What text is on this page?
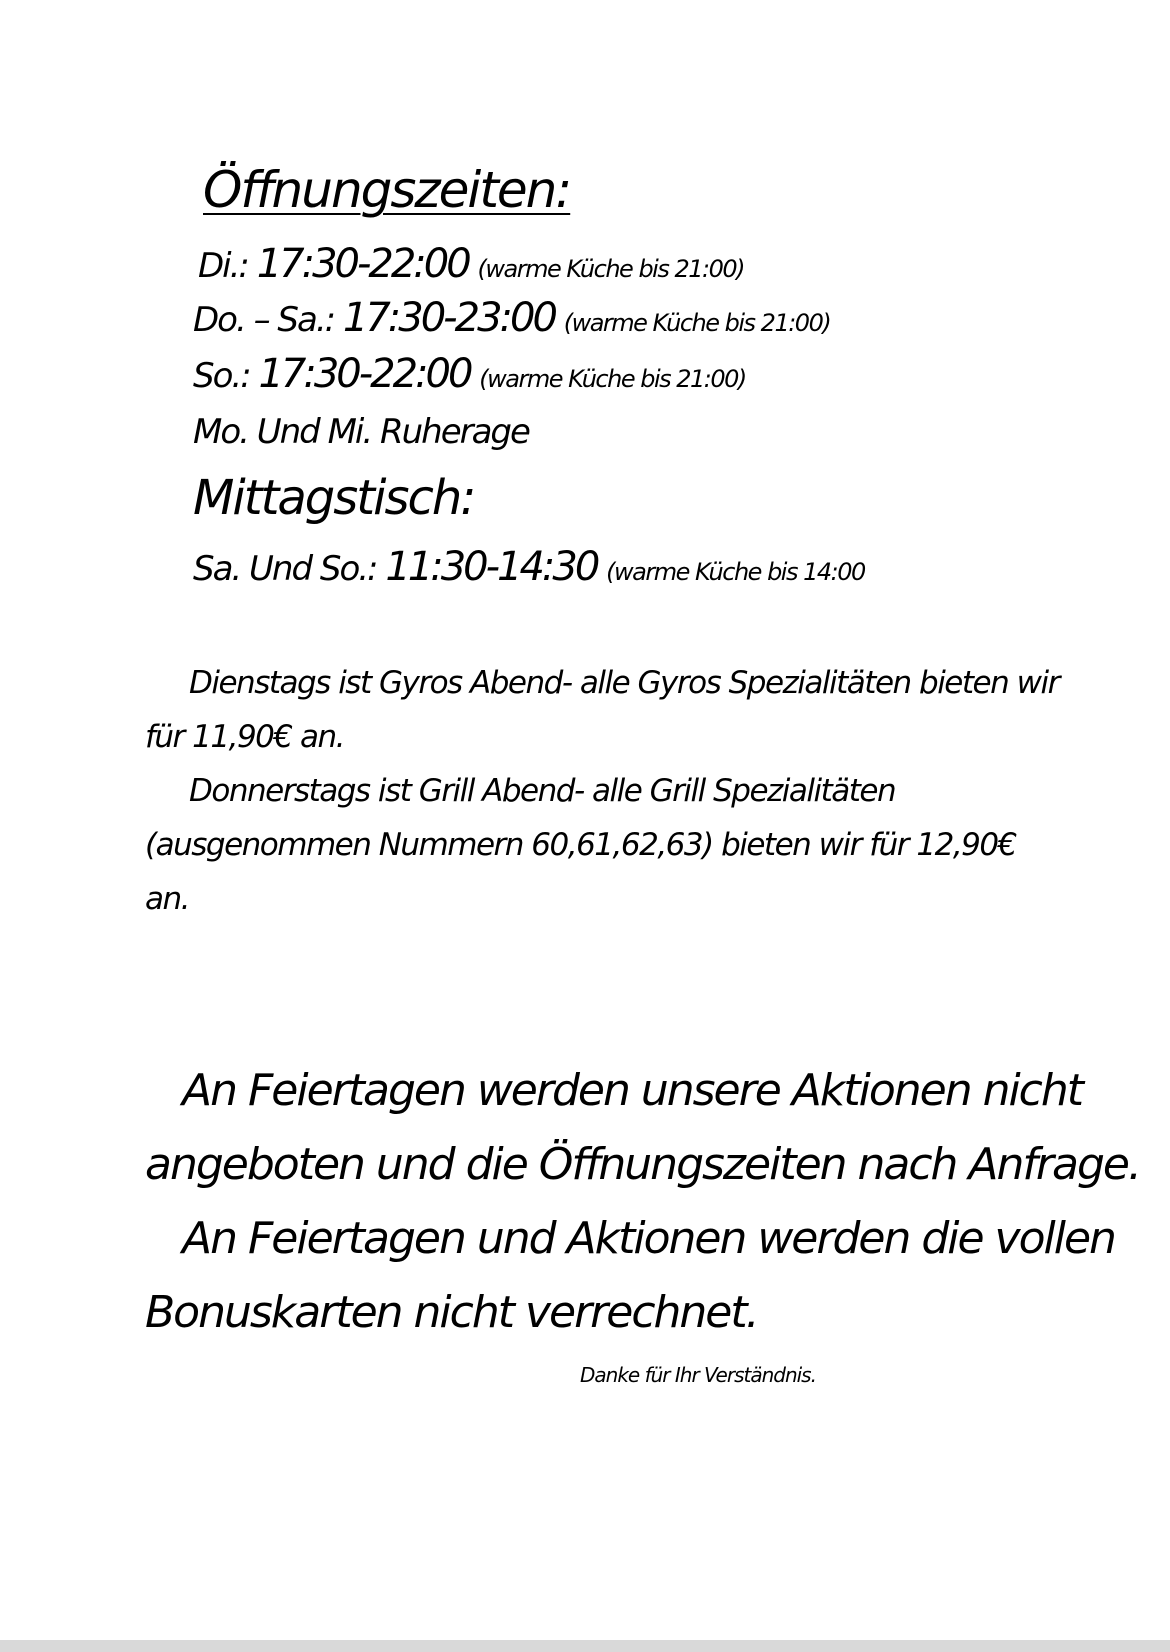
Öffnungszeiten:
Di.: 17:30-22:00 (warme Küche bis 21:00)
Do. – Sa.: 17:30-23:00 (warme Küche bis 21:00)
So.: 17:30-22:00 (warme Küche bis 21:00)
Mo. Und Mi. Ruherage
Mittagstisch:
Sa. Und So.: 11:30-14:30 (warme Küche bis 14:00

Dienstags ist Gyros Abend- alle Gyros Spezialitäten bieten wir

für 11,90€ an.

Donnerstags ist Grill Abend- alle Grill Spezialitäten

(ausgenommen Nummern 60,61,62,63) bieten wir für 12,90€

an.

An Feiertagen werden unsere Aktionen nicht

angeboten und die Öffnungszeiten nach Anfrage.

An Feiertagen und Aktionen werden die vollen

Bonuskarten nicht verrechnet.

Danke für Ihr Verständnis.
